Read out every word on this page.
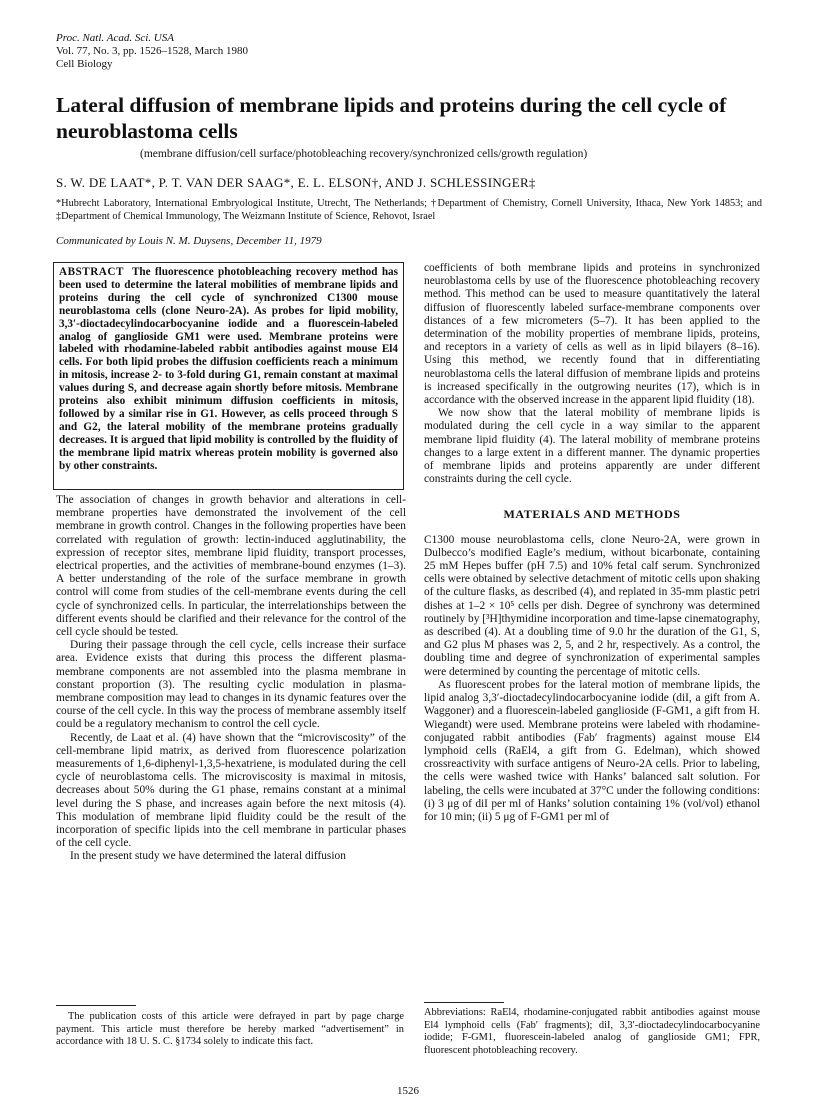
Proc. Natl. Acad. Sci. USA
Vol. 77, No. 3, pp. 1526–1528, March 1980
Cell Biology
Lateral diffusion of membrane lipids and proteins during the cell cycle of neuroblastoma cells
(membrane diffusion/cell surface/photobleaching recovery/synchronized cells/growth regulation)
S. W. DE LAAT*, P. T. VAN DER SAAG*, E. L. ELSON†, AND J. SCHLESSINGER‡
*Hubrecht Laboratory, International Embryological Institute, Utrecht, The Netherlands; †Department of Chemistry, Cornell University, Ithaca, New York 14853; and ‡Department of Chemical Immunology, The Weizmann Institute of Science, Rehovot, Israel
Communicated by Louis N. M. Duysens, December 11, 1979

ABSTRACT The fluorescence photobleaching recovery method has been used to determine the lateral mobilities of membrane lipids and proteins during the cell cycle of synchronized C1300 mouse neuroblastoma cells (clone Neuro-2A). As probes for lipid mobility, 3,3′-dioctadecylindocarbocyanine iodide and a fluorescein-labeled analog of ganglioside GM1 were used. Membrane proteins were labeled with rhodamine-labeled rabbit antibodies against mouse El4 cells. For both lipid probes the diffusion coefficients reach a minimum in mitosis, increase 2- to 3-fold during G1, remain constant at maximal values during S, and decrease again shortly before mitosis. Membrane proteins also exhibit minimum diffusion coefficients in mitosis, followed by a similar rise in G1. However, as cells proceed through S and G2, the lateral mobility of the membrane proteins gradually decreases. It is argued that lipid mobility is controlled by the fluidity of the membrane lipid matrix whereas protein mobility is governed also by other constraints.

The association of changes in growth behavior and alterations in cell-membrane properties have demonstrated the involvement of the cell membrane in growth control. Changes in the following properties have been correlated with regulation of growth: lectin-induced agglutinability, the expression of receptor sites, membrane lipid fluidity, transport processes, electrical properties, and the activities of membrane-bound enzymes (1–3). A better understanding of the role of the surface membrane in growth control will come from studies of the cell-membrane events during the cell cycle of synchronized cells. In particular, the interrelationships between the different events should be clarified and their relevance for the control of the cell cycle should be tested.

During their passage through the cell cycle, cells increase their surface area. Evidence exists that during this process the different plasma-membrane components are not assembled into the plasma membrane in constant proportion (3). The resulting cyclic modulation in plasma-membrane composition may lead to changes in its dynamic features over the course of the cell cycle. In this way the process of membrane assembly itself could be a regulatory mechanism to control the cell cycle.

Recently, de Laat et al. (4) have shown that the “microviscosity” of the cell-membrane lipid matrix, as derived from fluorescence polarization measurements of 1,6-diphenyl-1,3,5-hexatriene, is modulated during the cell cycle of neuroblastoma cells. The microviscosity is maximal in mitosis, decreases about 50% during the G1 phase, remains constant at a minimal level during the S phase, and increases again before the next mitosis (4). This modulation of membrane lipid fluidity could be the result of the incorporation of specific lipids into the cell membrane in particular phases of the cell cycle.

In the present study we have determined the lateral diffusion

coefficients of both membrane lipids and proteins in synchronized neuroblastoma cells by use of the fluorescence photobleaching recovery method. This method can be used to measure quantitatively the lateral diffusion of fluorescently labeled surface-membrane components over distances of a few micrometers (5–7). It has been applied to the determination of the mobility properties of membrane lipids, proteins, and receptors in a variety of cells as well as in lipid bilayers (8–16). Using this method, we recently found that in differentiating neuroblastoma cells the lateral diffusion of membrane lipids and proteins is increased specifically in the outgrowing neurites (17), which is in accordance with the observed increase in the apparent lipid fluidity (18).

We now show that the lateral mobility of membrane lipids is modulated during the cell cycle in a way similar to the apparent membrane lipid fluidity (4). The lateral mobility of membrane proteins changes to a large extent in a different manner. The dynamic properties of membrane lipids and proteins apparently are under different constraints during the cell cycle.

MATERIALS AND METHODS

C1300 mouse neuroblastoma cells, clone Neuro-2A, were grown in Dulbecco’s modified Eagle’s medium, without bicarbonate, containing 25 mM Hepes buffer (pH 7.5) and 10% fetal calf serum. Synchronized cells were obtained by selective detachment of mitotic cells upon shaking of the culture flasks, as described (4), and replated in 35-mm plastic petri dishes at 1–2 × 10⁵ cells per dish. Degree of synchrony was determined routinely by [³H]thymidine incorporation and time-lapse cinematography, as described (4). At a doubling time of 9.0 hr the duration of the G1, S, and G2 plus M phases was 2, 5, and 2 hr, respectively. As a control, the doubling time and degree of synchronization of experimental samples were determined by counting the percentage of mitotic cells.

As fluorescent probes for the lateral motion of membrane lipids, the lipid analog 3,3′-dioctadecylindocarbocyanine iodide (diI, a gift from A. Waggoner) and a fluorescein-labeled ganglioside (F-GM1, a gift from H. Wiegandt) were used. Membrane proteins were labeled with rhodamine-conjugated rabbit antibodies (Fab′ fragments) against mouse El4 lymphoid cells (RaEl4, a gift from G. Edelman), which showed crossreactivity with surface antigens of Neuro-2A cells. Prior to labeling, the cells were washed twice with Hanks’ balanced salt solution. For labeling, the cells were incubated at 37°C under the following conditions: (i) 3 μg of diI per ml of Hanks’ solution containing 1% (vol/vol) ethanol for 10 min; (ii) 5 μg of F-GM1 per ml of

The publication costs of this article were defrayed in part by page charge payment. This article must therefore be hereby marked “advertisement” in accordance with 18 U. S. C. §1734 solely to indicate this fact.

Abbreviations: RaEl4, rhodamine-conjugated rabbit antibodies against mouse El4 lymphoid cells (Fab′ fragments); diI, 3,3′-dioctadecylindocarbocyanine iodide; F-GM1, fluorescein-labeled analog of ganglioside GM1; FPR, fluorescent photobleaching recovery.
1526
